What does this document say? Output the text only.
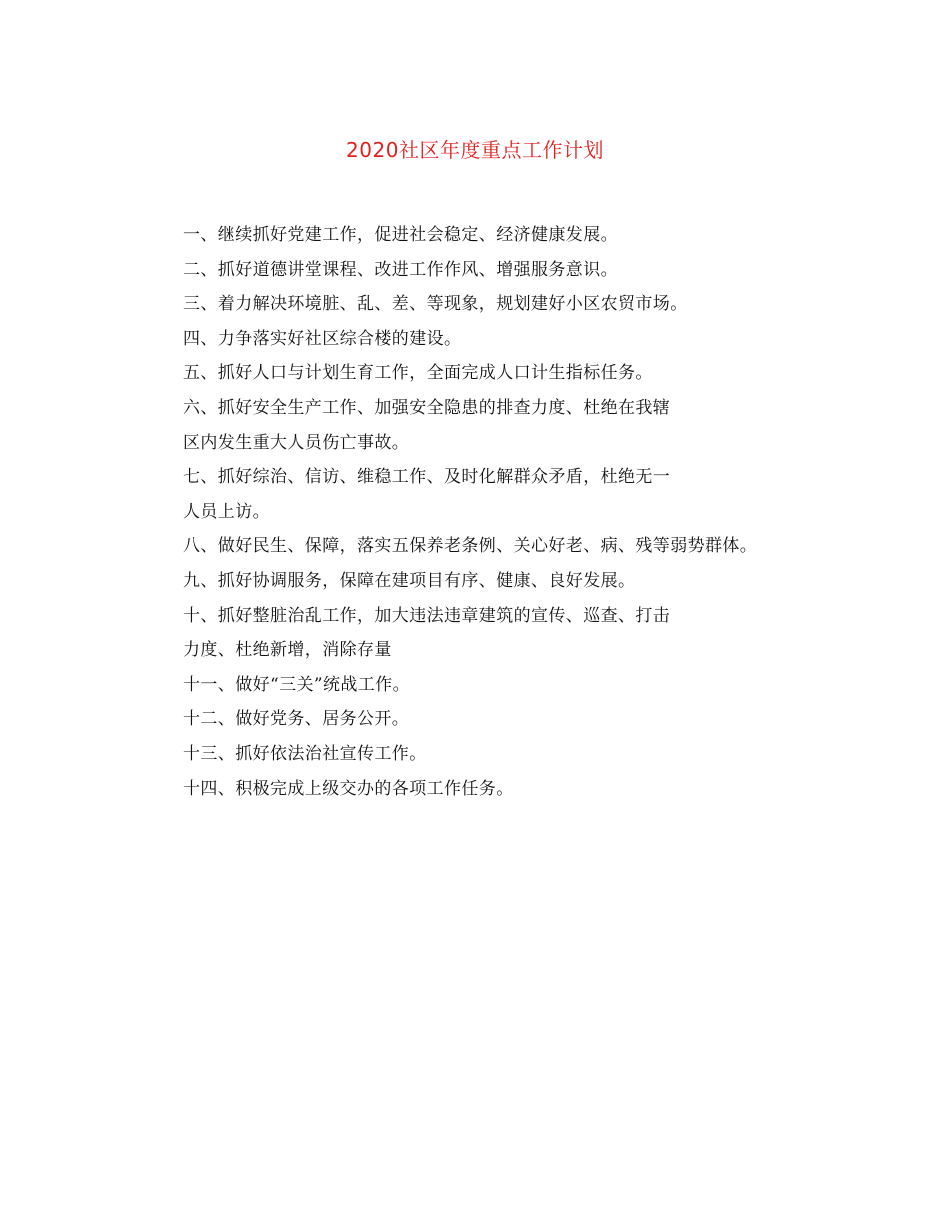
2020社区年度重点工作计划
一、继续抓好党建工作，促进社会稳定、经济健康发展。
二、抓好道德讲堂课程、改进工作作风、增强服务意识。
三、着力解决环境脏、乱、差、等现象，规划建好小区农贸市场。
四、力争落实好社区综合楼的建设。
五、抓好人口与计划生育工作，全面完成人口计生指标任务。
六、抓好安全生产工作、加强安全隐患的排查力度、杜绝在我辖
区内发生重大人员伤亡事故。
七、抓好综治、信访、维稳工作、及时化解群众矛盾，杜绝无一
人员上访。
八、做好民生、保障，落实五保养老条例、关心好老、病、残等弱势群体。
九、抓好协调服务，保障在建项目有序、健康、良好发展。
十、抓好整脏治乱工作，加大违法违章建筑的宣传、巡查、打击
力度、杜绝新增，消除存量
十一、做好“三关”统战工作。
十二、做好党务、居务公开。
十三、抓好依法治社宣传工作。
十四、积极完成上级交办的各项工作任务。
